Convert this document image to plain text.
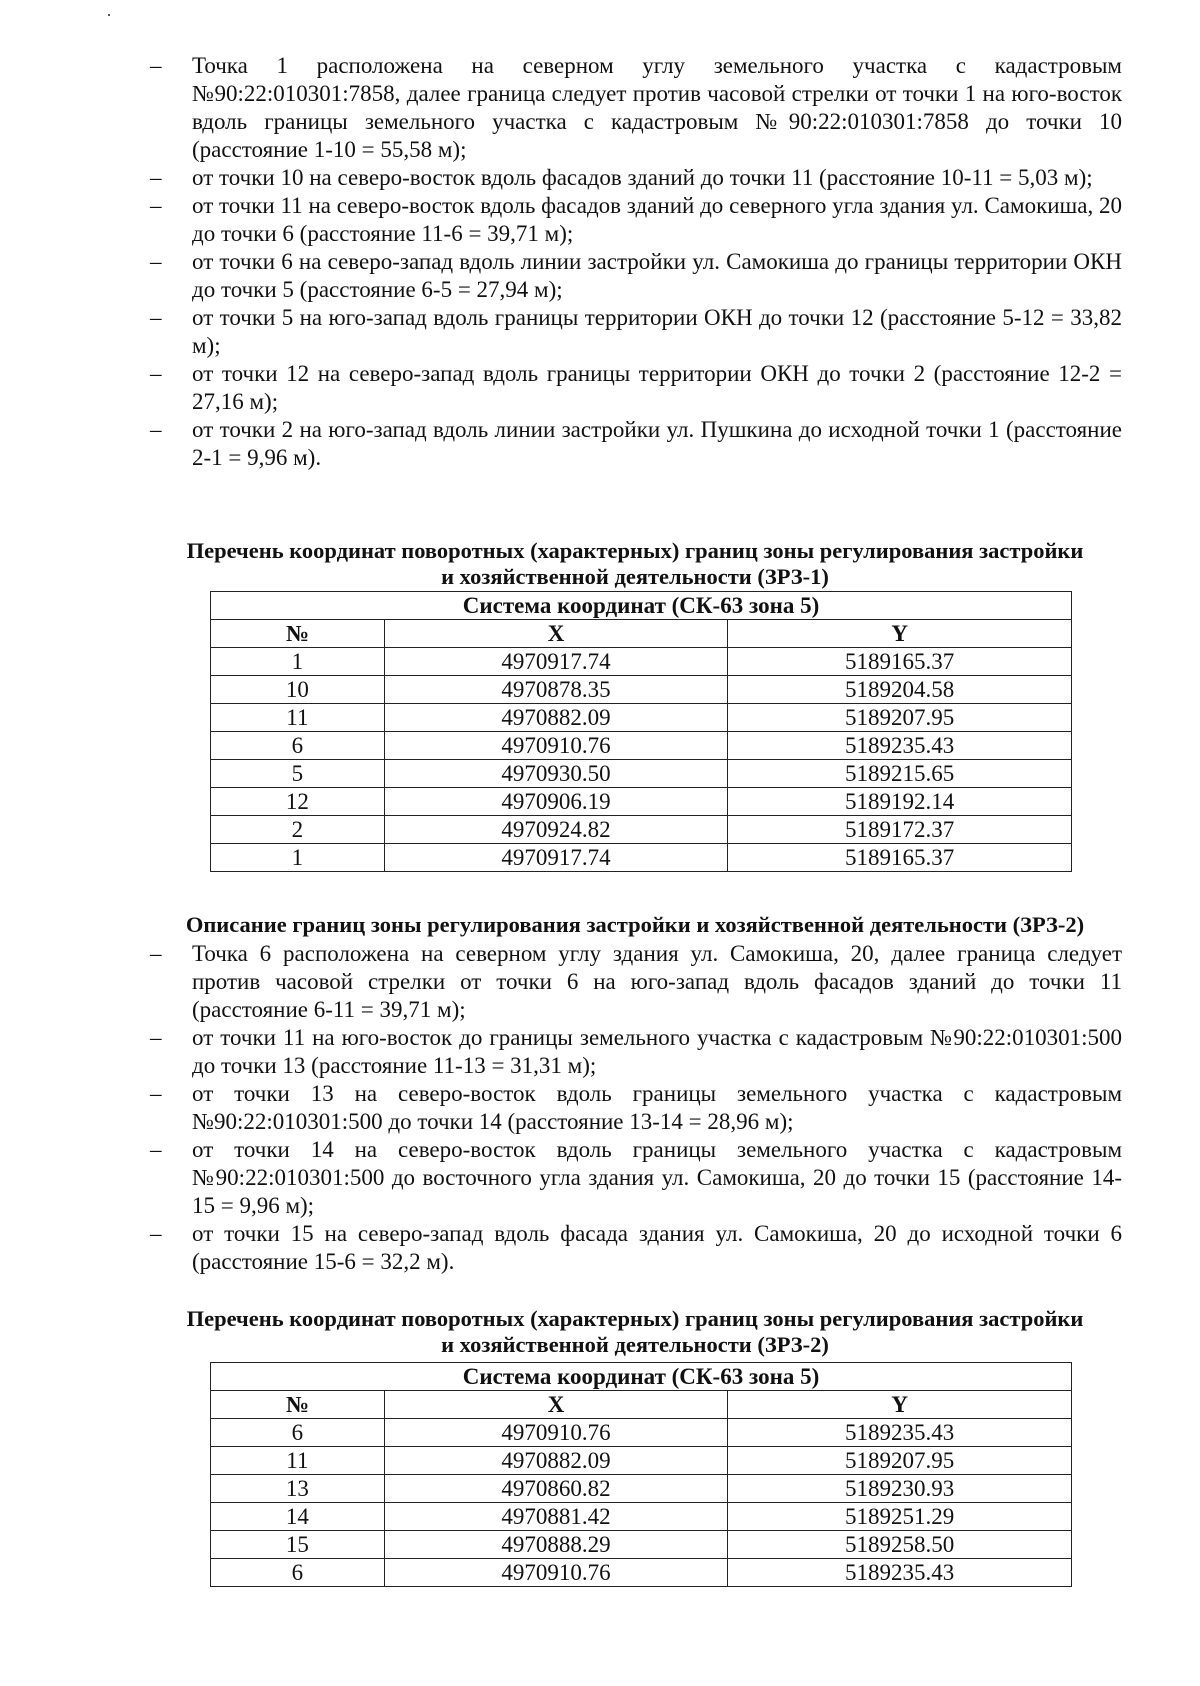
– Точка 1 расположена на северном углу земельного участка с кадастровым №90:22:010301:7858, далее граница следует против часовой стрелки от точки 1 на юго-восток вдоль границы земельного участка с кадастровым №90:22:010301:7858 до точки 10 (расстояние 1-10 = 55,58 м);
– от точки 10 на северо-восток вдоль фасадов зданий до точки 11 (расстояние 10-11 = 5,03 м);
– от точки 11 на северо-восток вдоль фасадов зданий до северного угла здания ул. Самокиша, 20 до точки 6 (расстояние 11-6 = 39,71 м);
– от точки 6 на северо-запад вдоль линии застройки ул. Самокиша до границы территории ОКН до точки 5 (расстояние 6-5 = 27,94 м);
– от точки 5 на юго-запад вдоль границы территории ОКН до точки 12 (расстояние 5-12 = 33,82 м);
– от точки 12 на северо-запад вдоль границы территории ОКН до точки 2 (расстояние 12-2 = 27,16 м);
– от точки 2 на юго-запад вдоль линии застройки ул. Пушкина до исходной точки 1 (расстояние 2-1 = 9,96 м).
Перечень координат поворотных (характерных) границ зоны регулирования застройки
и хозяйственной деятельности (ЗРЗ-1)
Система координат (СК-63 зона 5)		
№	X	Y
1	4970917.74	5189165.37
10	4970878.35	5189204.58
11	4970882.09	5189207.95
6	4970910.76	5189235.43
5	4970930.50	5189215.65
12	4970906.19	5189192.14
2	4970924.82	5189172.37
1	4970917.74	5189165.37
Описание границ зоны регулирования застройки и хозяйственной деятельности (ЗРЗ-2)
– Точка 6 расположена на северном углу здания ул. Самокиша, 20, далее граница следует против часовой стрелки от точки 6 на юго-запад вдоль фасадов зданий до точки 11 (расстояние 6-11 = 39,71 м);
– от точки 11 на юго-восток до границы земельного участка с кадастровым №90:22:010301:500 до точки 13 (расстояние 11-13 = 31,31 м);
– от точки 13 на северо-восток вдоль границы земельного участка с кадастровым №90:22:010301:500 до точки 14 (расстояние 13-14 = 28,96 м);
– от точки 14 на северо-восток вдоль границы земельного участка с кадастровым №90:22:010301:500 до восточного угла здания ул. Самокиша, 20 до точки 15 (расстояние 14-15 = 9,96 м);
– от точки 15 на северо-запад вдоль фасада здания ул. Самокиша, 20 до исходной точки 6 (расстояние 15-6 = 32,2 м).
Перечень координат поворотных (характерных) границ зоны регулирования застройки
и хозяйственной деятельности (ЗРЗ-2)
Система координат (СК-63 зона 5)		
№	X	Y
6	4970910.76	5189235.43
11	4970882.09	5189207.95
13	4970860.82	5189230.93
14	4970881.42	5189251.29
15	4970888.29	5189258.50
6	4970910.76	5189235.43
